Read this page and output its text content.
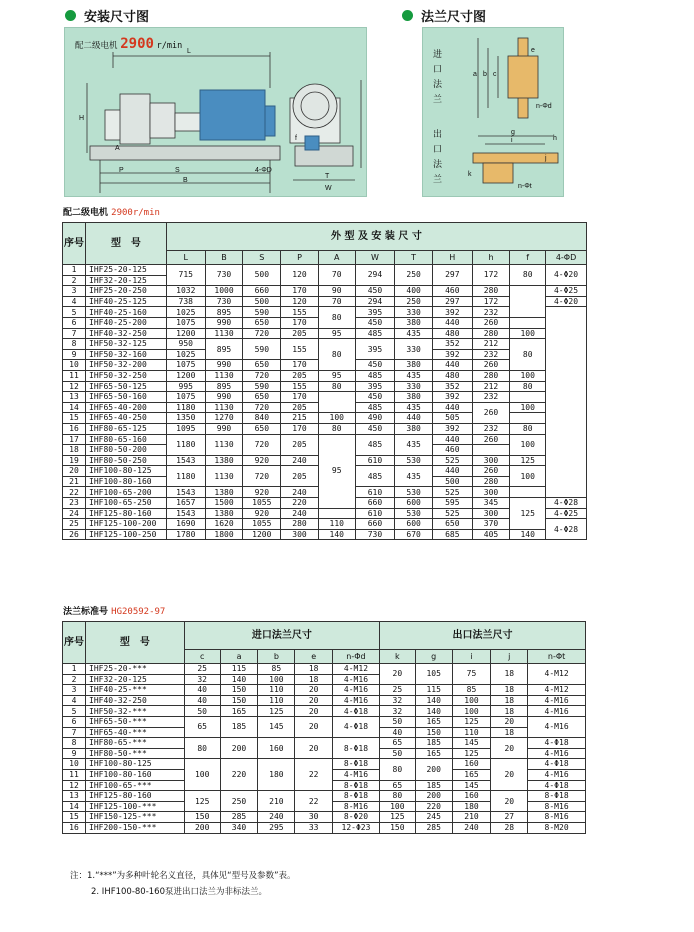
安装尺寸图	法兰尺寸图
配二级电机 2900 r/min
L
H
A
P	S
B
4-ΦD
f
T
W
进口法兰
出口法兰
n-Φd
n-Φt
a b c
e
g
i
j
k
h
配二级电机 2900r/min
序号	型　号	外 型 及 安 装 尺 寸										
		L	B	S	P	A	W	T	H	h	f	4-ΦD
1	IHF25-20-125	715	730	500	120	70	294	250	297	172	80	4-Φ20
2	IHF32-20-125											
3	IHF25-20-250	1032	1000	660	170	90	450	400	460	280		4-Φ25
4	IHF40-25-125	738	730	500	120	70	294	250	297	172		4-Φ20
5	IHF40-25-160	1025	895	590	155	80	395	330	392	232		
6	IHF40-25-200	1075	990	650	170		450	380	440	260		
7	IHF40-32-250	1200	1130	720	205	95	485	435	480	280	100	
8	IHF50-32-125	950	895	590	155	80	395	330	352	212	80	
9	IHF50-32-160	1025							392	232		
10	IHF50-32-200	1075	990	650	170		450	380	440	260		
11	IHF50-32-250	1200	1130	720	205	95	485	435	480	280	100	
12	IHF65-50-125	995	895	590	155	80	395	330	352	212	80	
13	IHF65-50-160	1075	990	650	170		450	380	392	232		
14	IHF65-40-200	1180	1130	720	205		485	435	440	260	100	
15	IHF65-40-250	1350	1270	840	215	100	490	440	505			
16	IHF80-65-125	1095	990	650	170	80	450	380	392	232	80	
17	IHF80-65-160	1180	1130	720	205	95	485	435	440	260	100	
18	IHF80-50-200								460			
19	IHF80-50-250	1543	1380	920	240		610	530	525	300	125	
20	IHF100-80-125	1180	1130	720	205		485	435	440	260	100	
21	IHF100-80-160								500	280		
22	IHF100-65-200	1543	1380	920	240		610	530	525	300		
23	IHF100-65-250	1657	1500	1055	220		660	600	595	345	125	4-Φ28
24	IHF125-80-160	1543	1380	920	240		610	530	525	300		4-Φ25
25	IHF125-100-200	1690	1620	1055	280	110	660	600	650	370		4-Φ28
26	IHF125-100-250	1780	1800	1200	300	140	730	670	685	405	140	
法兰标准号 HG20592-97
序号	型　号	进口法兰尺寸					出口法兰尺寸				
		c	a	b	e	n-Φd	k	g	i	j	n-Φt
1	IHF25-20-***	25	115	85	18	4-M12	20	105	75	18	4-M12
2	IHF32-20-125	32	140	100	18	4-M16					
3	IHF40-25-***	40	150	110	20	4-M16	25	115	85	18	4-M12
4	IHF40-32-250	40	150	110	20	4-M16	32	140	100	18	4-M16
5	IHF50-32-***	50	165	125	20	4-Φ18	32	140	100	18	4-M16
6	IHF65-50-***	65	185	145	20	4-Φ18	50	165	125	20	4-M16
7	IHF65-40-***						40	150	110	18	
8	IHF80-65-***	80	200	160	20	8-Φ18	65	185	145	20	4-Φ18
9	IHF80-50-***						50	165	125		4-M16
10	IHF100-80-125	100	220	180	22	8-Φ18	80	200	160	20	4-Φ18
11	IHF100-80-160					4-M16			165		4-M16
12	IHF100-65-***					8-Φ18	65	185	145		4-Φ18
13	IHF125-80-160	125	250	210	22	8-Φ18	80	200	160	20	8-Φ18
14	IHF125-100-***					8-M16	100	220	180		8-M16
15	IHF150-125-***	150	285	240	30	8-Φ20	125	245	210	27	8-M16
16	IHF200-150-***	200	340	295	33	12-Φ23	150	285	240	28	8-M20
注：1.“***”为多种叶轮名义直径，具体见“型号及参数”表。
2. IHF100-80-160泵进出口法兰为非标法兰。
